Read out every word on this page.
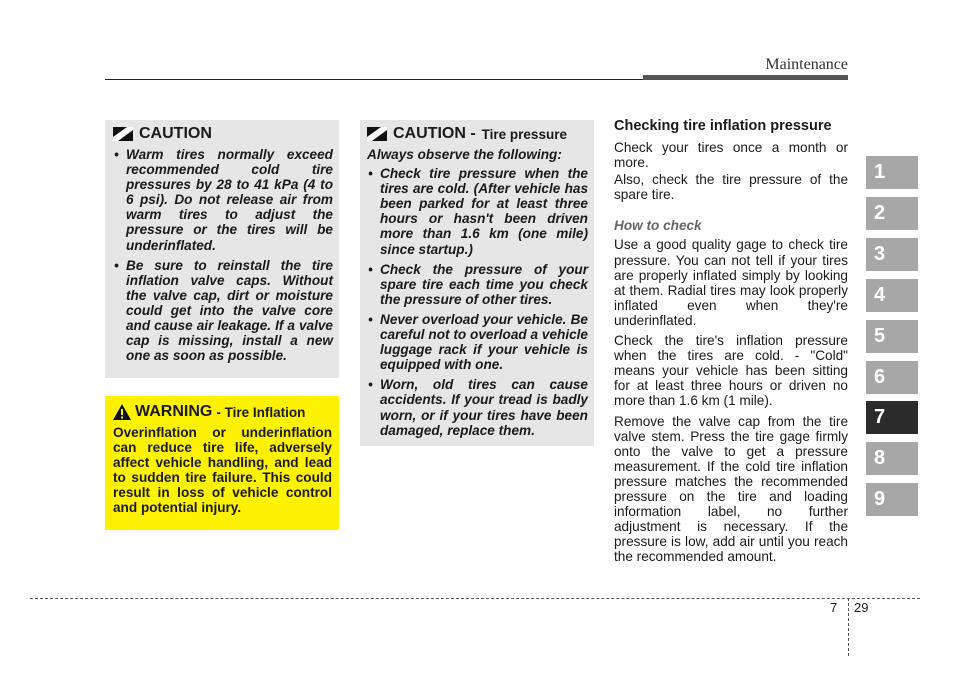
Maintenance
CAUTION
• Warm tires normally exceed recommended cold tire pressures by 28 to 41 kPa (4 to 6 psi). Do not release air from warm tires to adjust the pressure or the tires will be underinflated.
• Be sure to reinstall the tire inflation valve caps. Without the valve cap, dirt or moisture could get into the valve core and cause air leakage. If a valve cap is missing, install a new one as soon as possible.
WARNING - Tire Inflation
Overinflation or underinflation can reduce tire life, adversely affect vehicle handling, and lead to sudden tire failure. This could result in loss of vehicle control and potential injury.
CAUTION - Tire pressure
Always observe the following:
• Check tire pressure when the tires are cold. (After vehicle has been parked for at least three hours or hasn't been driven more than 1.6 km (one mile) since startup.)
• Check the pressure of your spare tire each time you check the pressure of other tires.
• Never overload your vehicle. Be careful not to overload a vehicle luggage rack if your vehicle is equipped with one.
• Worn, old tires can cause accidents. If your tread is badly worn, or if your tires have been damaged, replace them.
Checking tire inflation pressure

Check your tires once a month or more.

Also, check the tire pressure of the spare tire.

How to check

Use a good quality gage to check tire pressure. You can not tell if your tires are properly inflated simply by looking at them. Radial tires may look properly inflated even when they're underinflated.

Check the tire's inflation pressure when the tires are cold. - "Cold" means your vehicle has been sitting for at least three hours or driven no more than 1.6 km (1 mile).

Remove the valve cap from the tire valve stem. Press the tire gage firmly onto the valve to get a pressure measurement. If the cold tire inflation pressure matches the recommended pressure on the tire and loading information label, no further adjustment is necessary. If the pressure is low, add air until you reach the recommended amount.

1
2
3
4
5
6
7
8
9
7 29
